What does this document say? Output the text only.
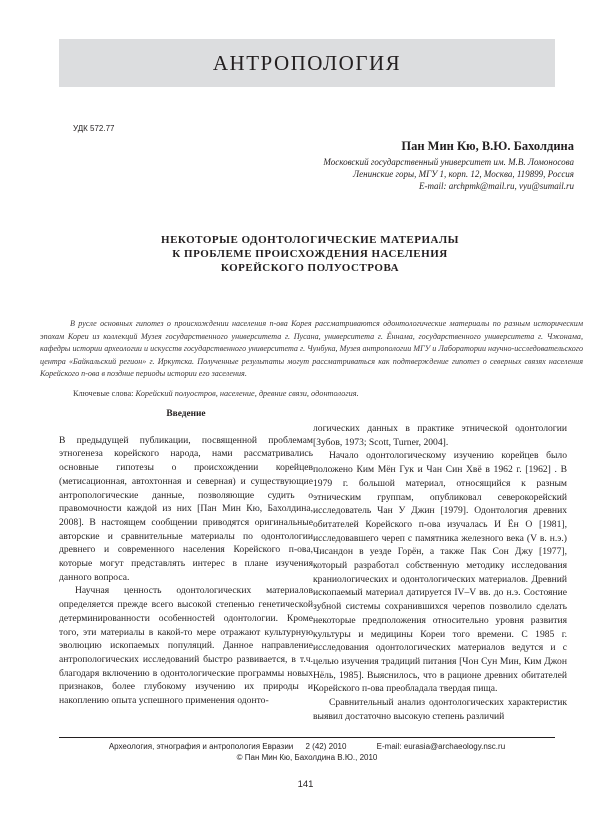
АНТРОПОЛОГИЯ
УДК 572.77
Пан Мин Кю, В.Ю. Бахолдина
Московский государственный университет им. М.В. Ломоносова
Ленинские горы, МГУ 1, корп. 12, Москва, 119899, Россия
E-mail: archpmk@mail.ru, vyu@sumail.ru
НЕКОТОРЫЕ ОДОНТОЛОГИЧЕСКИЕ МАТЕРИАЛЫ
К ПРОБЛЕМЕ ПРОИСХОЖДЕНИЯ НАСЕЛЕНИЯ
КОРЕЙСКОГО ПОЛУОСТРОВА
В русле основных гипотез о происхождении населения п-ова Корея рассматриваются одонтологические материалы по разным историческим эпохам Кореи из коллекций Музея государственного университета г. Пусана, университета г. Ённама, государственного университета г. Чжонама, кафедры истории археологии и искусств государственного университета г. Чунбука, Музея антропологии МГУ и Лаборатории научно-исследовательского центра «Байкальский регион» г. Иркутска. Полученные результаты могут рассматриваться как подтверждение гипотез о северных связях населения Корейского п-ова в поздние периоды истории его заселения.
Ключевые слова: Корейский полуостров, население, древние связи, одонтология.
Введение

В предыдущей публикации, посвященной проблемам этногенеза корейского народа, нами рассматривались основные гипотезы о происхождении корейцев (метисационная, автохтонная и северная) и существующие антропологические данные, позволяющие судить о правомочности каждой из них [Пан Мин Кю, Бахолдина, 2008]. В настоящем сообщении приводятся оригинальные авторские и сравнительные материалы по одонтологии древнего и современного населения Корейского п-ова, которые могут представлять интерес в плане изучения данного вопроса.

Научная ценность одонтологических материалов определяется прежде всего высокой степенью генетической детерминированности особенностей одонтологии. Кроме того, эти материалы в какой-то мере отражают культурную эволюцию ископаемых популяций. Данное направление антропологических исследований быстро развивается, в т.ч. благодаря включению в одонтологические программы новых признаков, более глубокому изучению их природы и накоплению опыта успешного применения одонто-

логических данных в практике этнической одонтологии [Зубов, 1973; Scott, Turner, 2004].

Начало одонтологическому изучению корейцев было положено Ким Мён Гук и Чан Син Хвё в 1962 г. [1962] . В 1979 г. большой материал, относящийся к разным этническим группам, опубликовал северокорейский исследователь Чан У Джин [1979]. Одонтология древних обитателей Корейского п-ова изучалась И Ён О [1981], исследовавшего череп с памятника железного века (V в. н.э.) Чисандон в уезде Горён, а также Пак Сон Джу [1977], который разработал собственную методику исследования краниологических и одонтологических материалов. Древний ископаемый материал датируется IV–V вв. до н.э. Состояние зубной системы сохранившихся черепов позволило сделать некоторые предположения относительно уровня развития культуры и медицины Кореи того времени. С 1985 г. исследования одонтологических материалов ведутся и с целью изучения традиций питания [Чон Сун Мин, Ким Джон Нёль, 1985]. Выяснилось, что в рационе древних обитателей Корейского п-ова преобладала твердая пища.

Сравнительный анализ одонтологических характеристик выявил достаточно высокую степень различий

Археология, этнография и антропология Евразии 2 (42) 2010	E-mail: eurasia@archaeology.nsc.ru
© Пан Мин Кю, Бахолдина В.Ю., 2010
141
